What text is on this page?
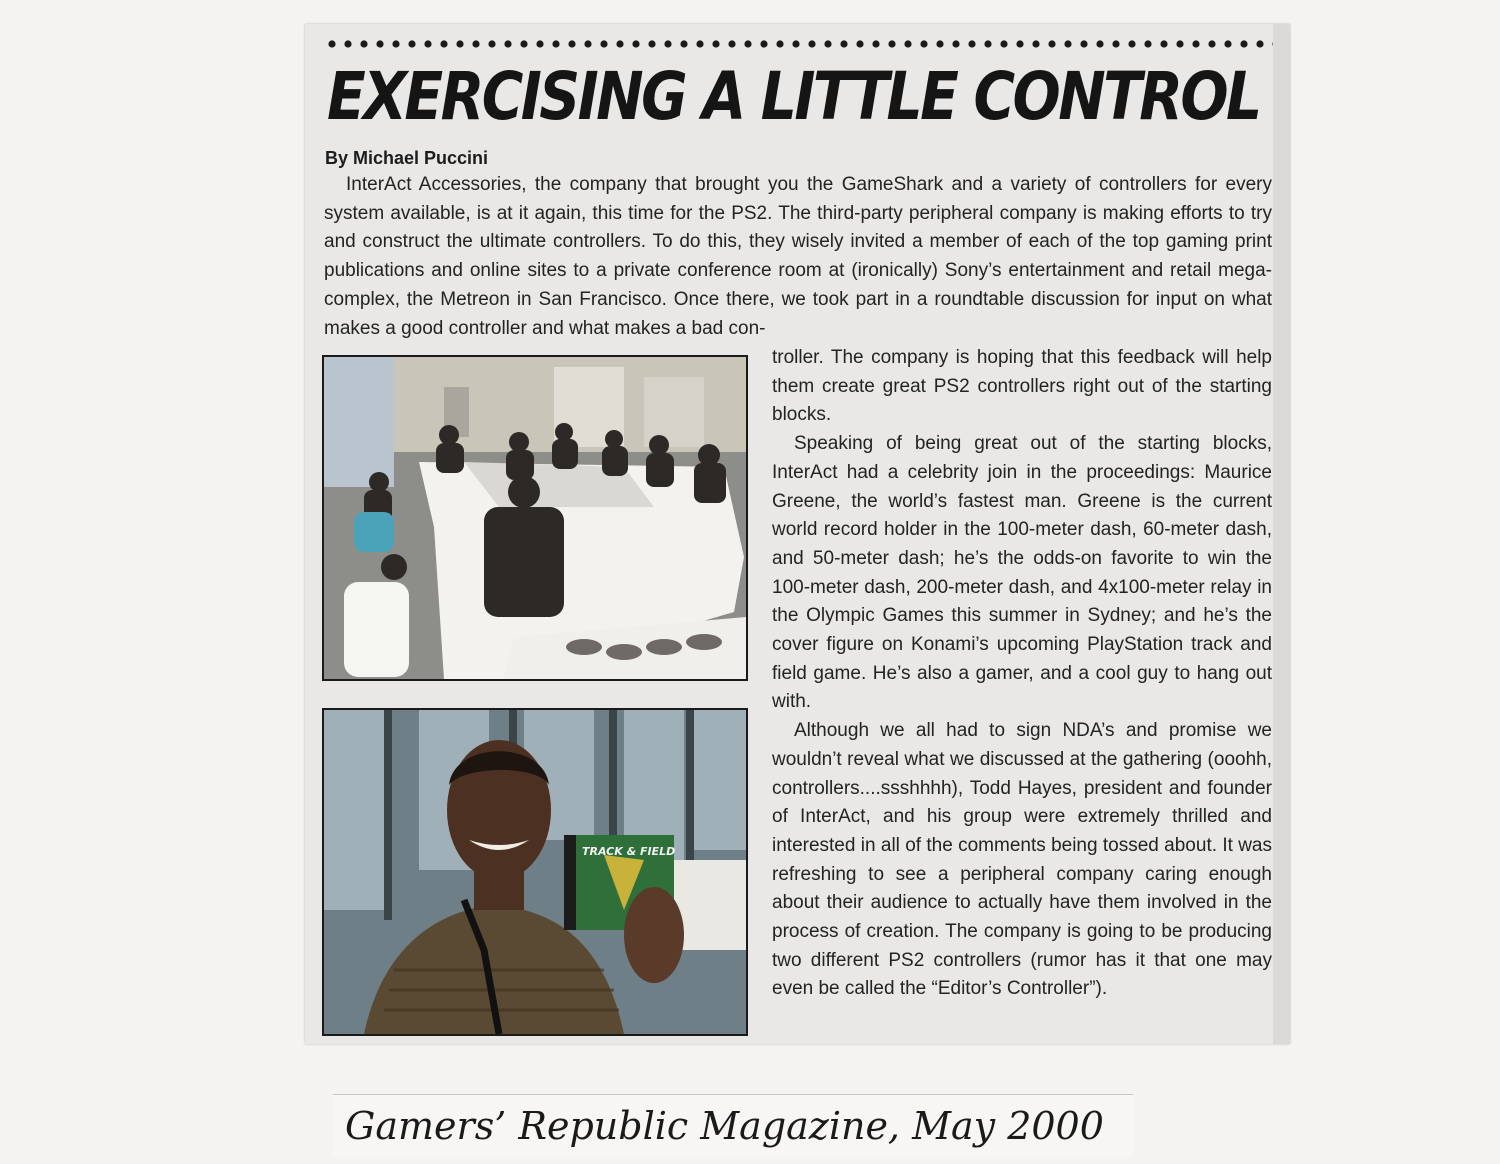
EXERCISING A LITTLE CONTROL

By Michael Puccini

InterAct Accessories, the company that brought you the GameShark and a variety of controllers for every system available, is at it again, this time for the PS2. The third-party peripheral company is making efforts to try and construct the ultimate controllers. To do this, they wisely invited a member of each of the top gaming print publications and online sites to a private conference room at (ironically) Sony’s entertainment and retail mega-complex, the Metreon in San Francisco. Once there, we took part in a roundtable discussion for input on what makes a good controller and what makes a bad con-

TRACK & FIELD

troller. The company is hoping that this feedback will help them create great PS2 controllers right out of the starting blocks.

Speaking of being great out of the starting blocks, InterAct had a celebrity join in the proceedings: Maurice Greene, the world’s fastest man. Greene is the current world record holder in the 100-meter dash, 60-meter dash, and 50-meter dash; he’s the odds-on favorite to win the 100-meter dash, 200-meter dash, and 4x100-meter relay in the Olympic Games this summer in Sydney; and he’s the cover figure on Konami’s upcoming PlayStation track and field game. He’s also a gamer, and a cool guy to hang out with.

Although we all had to sign NDA’s and promise we wouldn’t reveal what we discussed at the gathering (ooohh, controllers....ssshhhh), Todd Hayes, president and founder of InterAct, and his group were extremely thrilled and interested in all of the comments being tossed about. It was refreshing to see a peripheral company caring enough about their audience to actually have them involved in the process of creation. The company is going to be producing two different PS2 controllers (rumor has it that one may even be called the “Editor’s Controller”).

Gamers’ Republic Magazine, May 2000
